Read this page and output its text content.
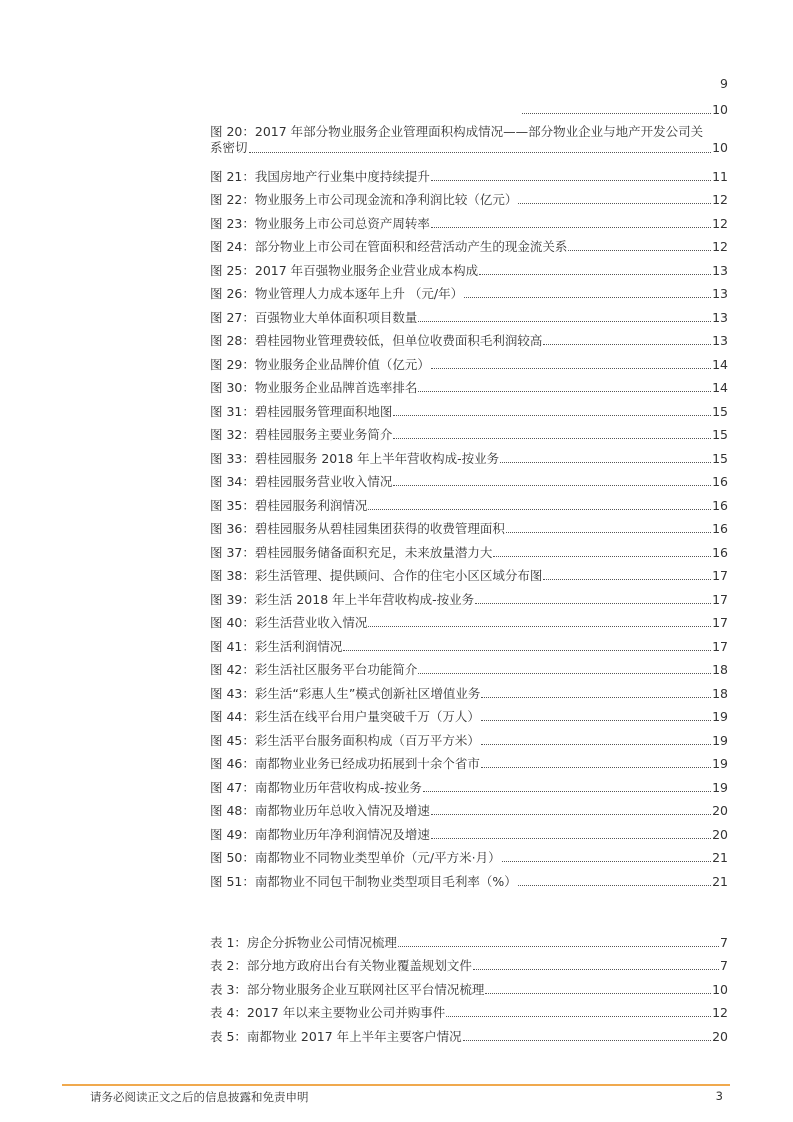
9
10
图 20：2017 年部分物业服务企业管理面积构成情况——部分物业企业与地产开发公司关
系密切	10
图 21：我国房地产行业集中度持续提升	11
图 22：物业服务上市公司现金流和净利润比较（亿元）	12
图 23：物业服务上市公司总资产周转率	12
图 24：部分物业上市公司在管面积和经营活动产生的现金流关系	12
图 25：2017 年百强物业服务企业营业成本构成	13
图 26：物业管理人力成本逐年上升 （元/年）	13
图 27：百强物业大单体面积项目数量	13
图 28：碧桂园物业管理费较低，但单位收费面积毛利润较高	13
图 29：物业服务企业品牌价值（亿元）	14
图 30：物业服务企业品牌首选率排名	14
图 31：碧桂园服务管理面积地图	15
图 32：碧桂园服务主要业务简介	15
图 33：碧桂园服务 2018 年上半年营收构成-按业务	15
图 34：碧桂园服务营业收入情况	16
图 35：碧桂园服务利润情况	16
图 36：碧桂园服务从碧桂园集团获得的收费管理面积	16
图 37：碧桂园服务储备面积充足，未来放量潜力大	16
图 38：彩生活管理、提供顾问、合作的住宅小区区域分布图	17
图 39：彩生活 2018 年上半年营收构成-按业务	17
图 40：彩生活营业收入情况	17
图 41：彩生活利润情况	17
图 42：彩生活社区服务平台功能简介	18
图 43：彩生活“彩惠人生”模式创新社区增值业务	18
图 44：彩生活在线平台用户量突破千万（万人）	19
图 45：彩生活平台服务面积构成（百万平方米）	19
图 46：南都物业业务已经成功拓展到十余个省市	19
图 47：南都物业历年营收构成-按业务	19
图 48：南都物业历年总收入情况及增速	20
图 49：南都物业历年净利润情况及增速	20
图 50：南都物业不同物业类型单价（元/平方米·月）	21
图 51：南都物业不同包干制物业类型项目毛利率（%）	21
表 1：房企分拆物业公司情况梳理	7
表 2：部分地方政府出台有关物业覆盖规划文件	7
表 3：部分物业服务企业互联网社区平台情况梳理	10
表 4：2017 年以来主要物业公司并购事件	12
表 5：南都物业 2017 年上半年主要客户情况	20
请务必阅读正文之后的信息披露和免责申明	3
